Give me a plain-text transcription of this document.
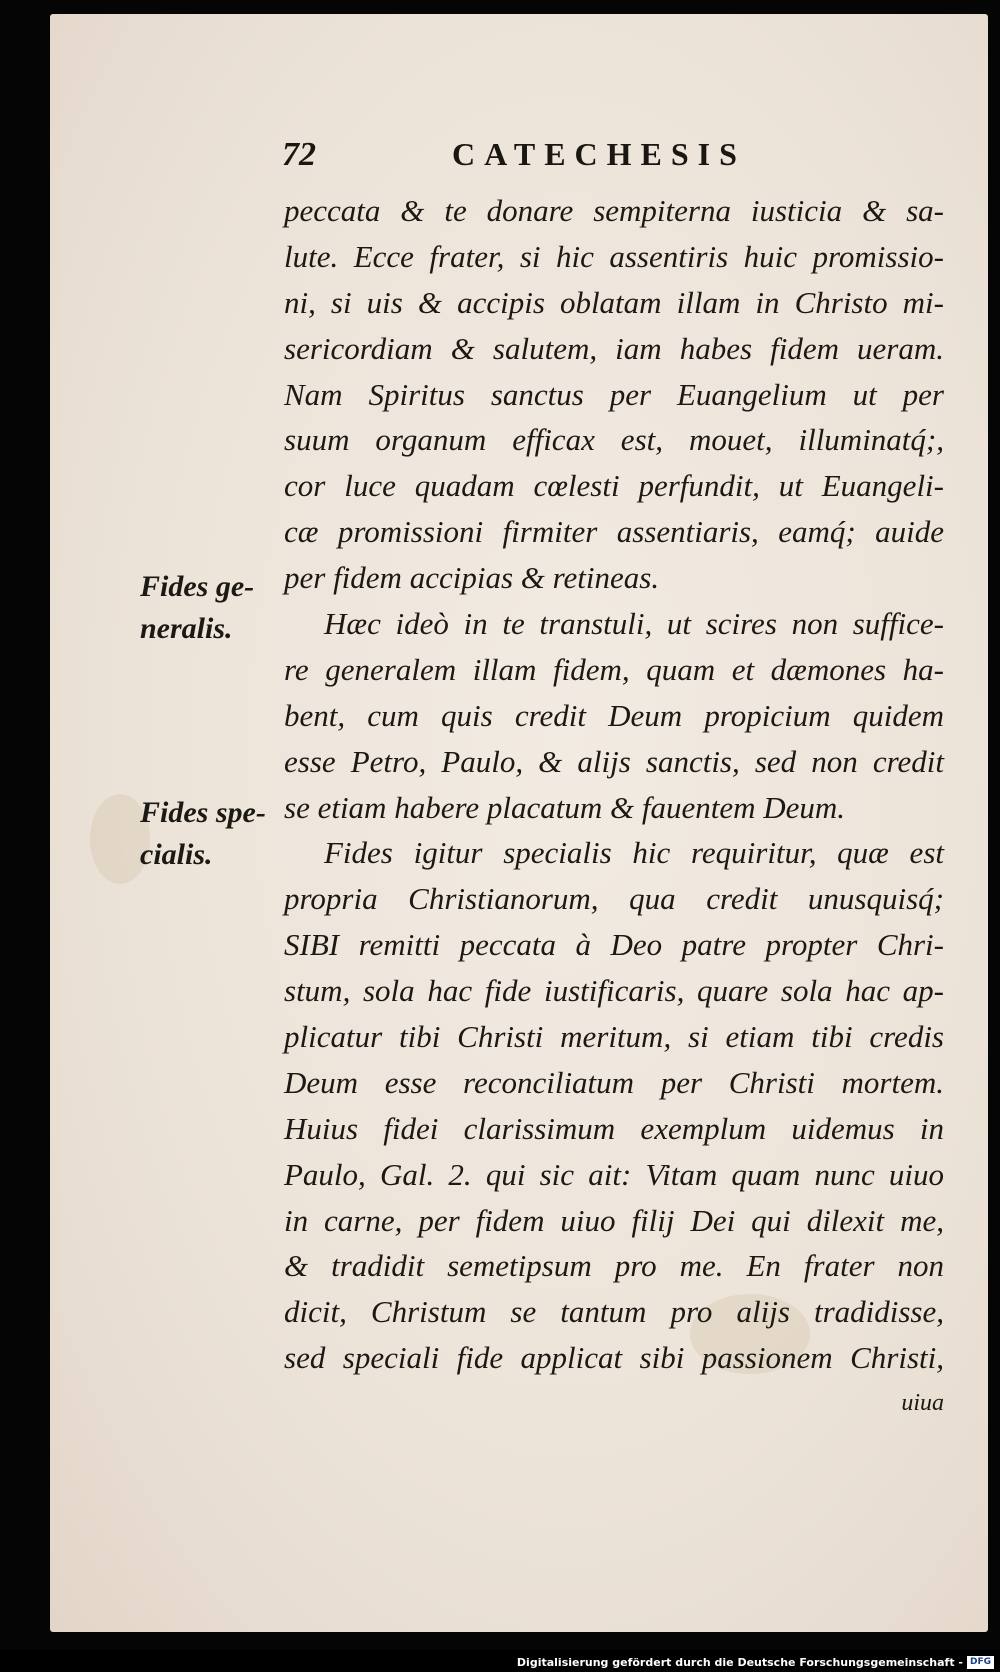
72	CATECHESIS
Fides ge-neralis.
Fides spe-cialis.
peccata & te donare sempiterna iusticia & sa-
lute. Ecce frater, si hic assentiris huic promissio-
ni, si uis & accipis oblatam illam in Christo mi-
sericordiam & salutem, iam habes fidem ueram.
Nam Spiritus sanctus per Euangelium ut per
suum organum efficax est, mouet, illuminatq́;,
cor luce quadam cœlesti perfundit, ut Euangeli-
cæ promissioni firmiter assentiaris, eamq́; auide
per fidem accipias & retineas.
Hæc ideò in te transtuli, ut scires non suffice-
re generalem illam fidem, quam et dæmones ha-
bent, cum quis credit Deum propicium quidem
esse Petro, Paulo, & alijs sanctis, sed non credit
se etiam habere placatum & fauentem Deum.
Fides igitur specialis hic requiritur, quæ est
propria Christianorum, qua credit unusquisq́;
SIBI remitti peccata à Deo patre propter Chri-
stum, sola hac fide iustificaris, quare sola hac ap-
plicatur tibi Christi meritum, si etiam tibi credis
Deum esse reconciliatum per Christi mortem.
Huius fidei clarissimum exemplum uidemus in
Paulo, Gal. 2. qui sic ait: Vitam quam nunc uiuo
in carne, per fidem uiuo filij Dei qui dilexit me,
& tradidit semetipsum pro me. En frater non
dicit, Christum se tantum pro alijs tradidisse,
sed speciali fide applicat sibi passionem Christi,
uiua
Digitalisierung gefördert durch die Deutsche Forschungsgemeinschaft - DFG
